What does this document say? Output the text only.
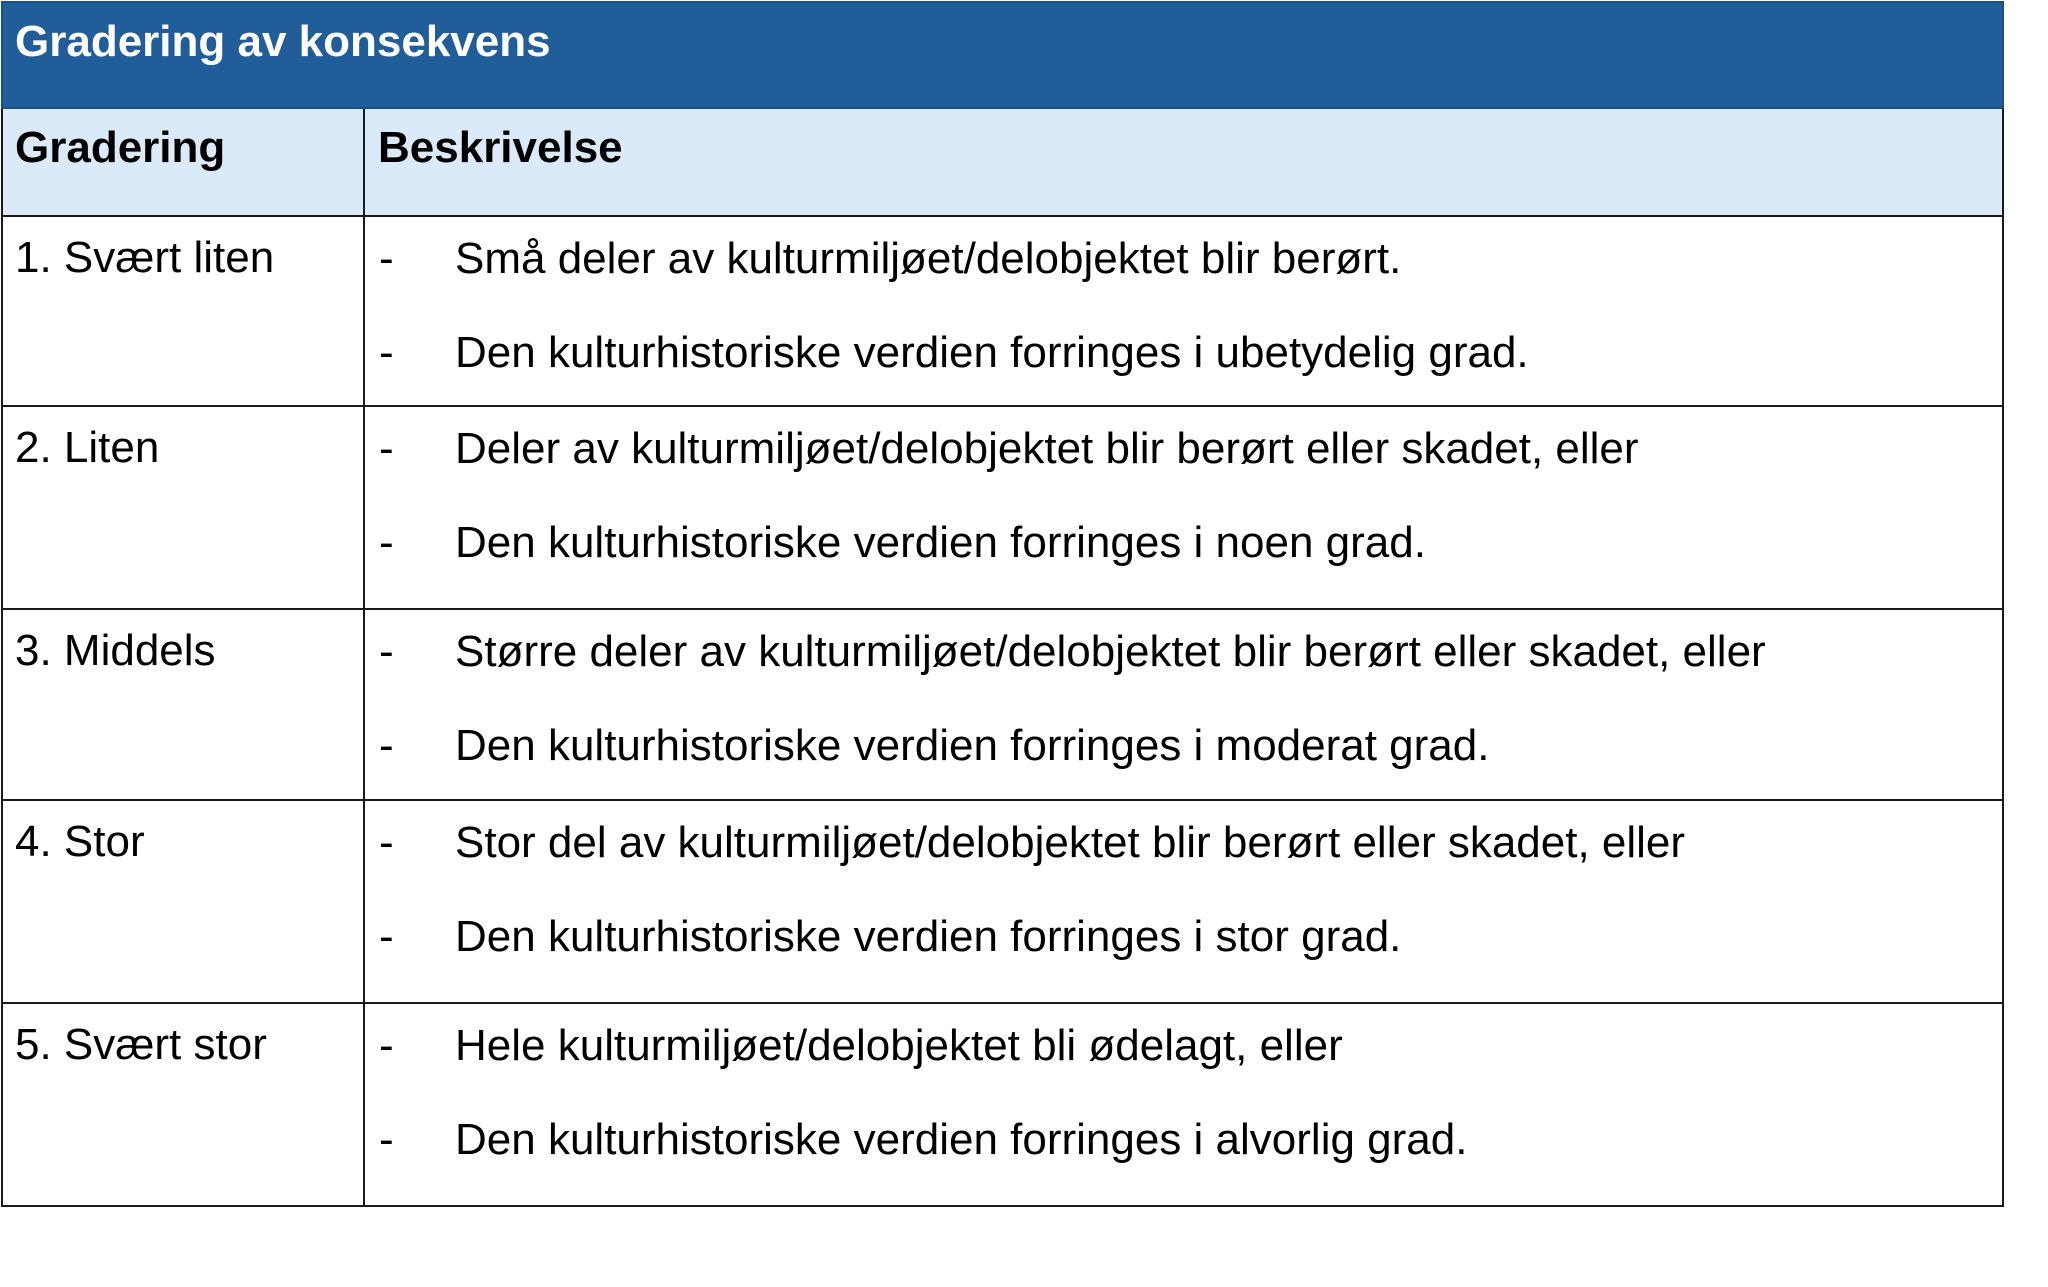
Gradering av konsekvens	
Gradering	Beskrivelse
1. Svært liten	- Små deler av kulturmiljøet/delobjektet blir berørt.
- Den kulturhistoriske verdien forringes i ubetydelig grad.

2. Liten	- Deler av kulturmiljøet/delobjektet blir berørt eller skadet, eller
- Den kulturhistoriske verdien forringes i noen grad.

3. Middels	- Større deler av kulturmiljøet/delobjektet blir berørt eller skadet, eller
- Den kulturhistoriske verdien forringes i moderat grad.

4. Stor	- Stor del av kulturmiljøet/delobjektet blir berørt eller skadet, eller
- Den kulturhistoriske verdien forringes i stor grad.

5. Svært stor	- Hele kulturmiljøet/delobjektet bli ødelagt, eller
- Den kulturhistoriske verdien forringes i alvorlig grad.
